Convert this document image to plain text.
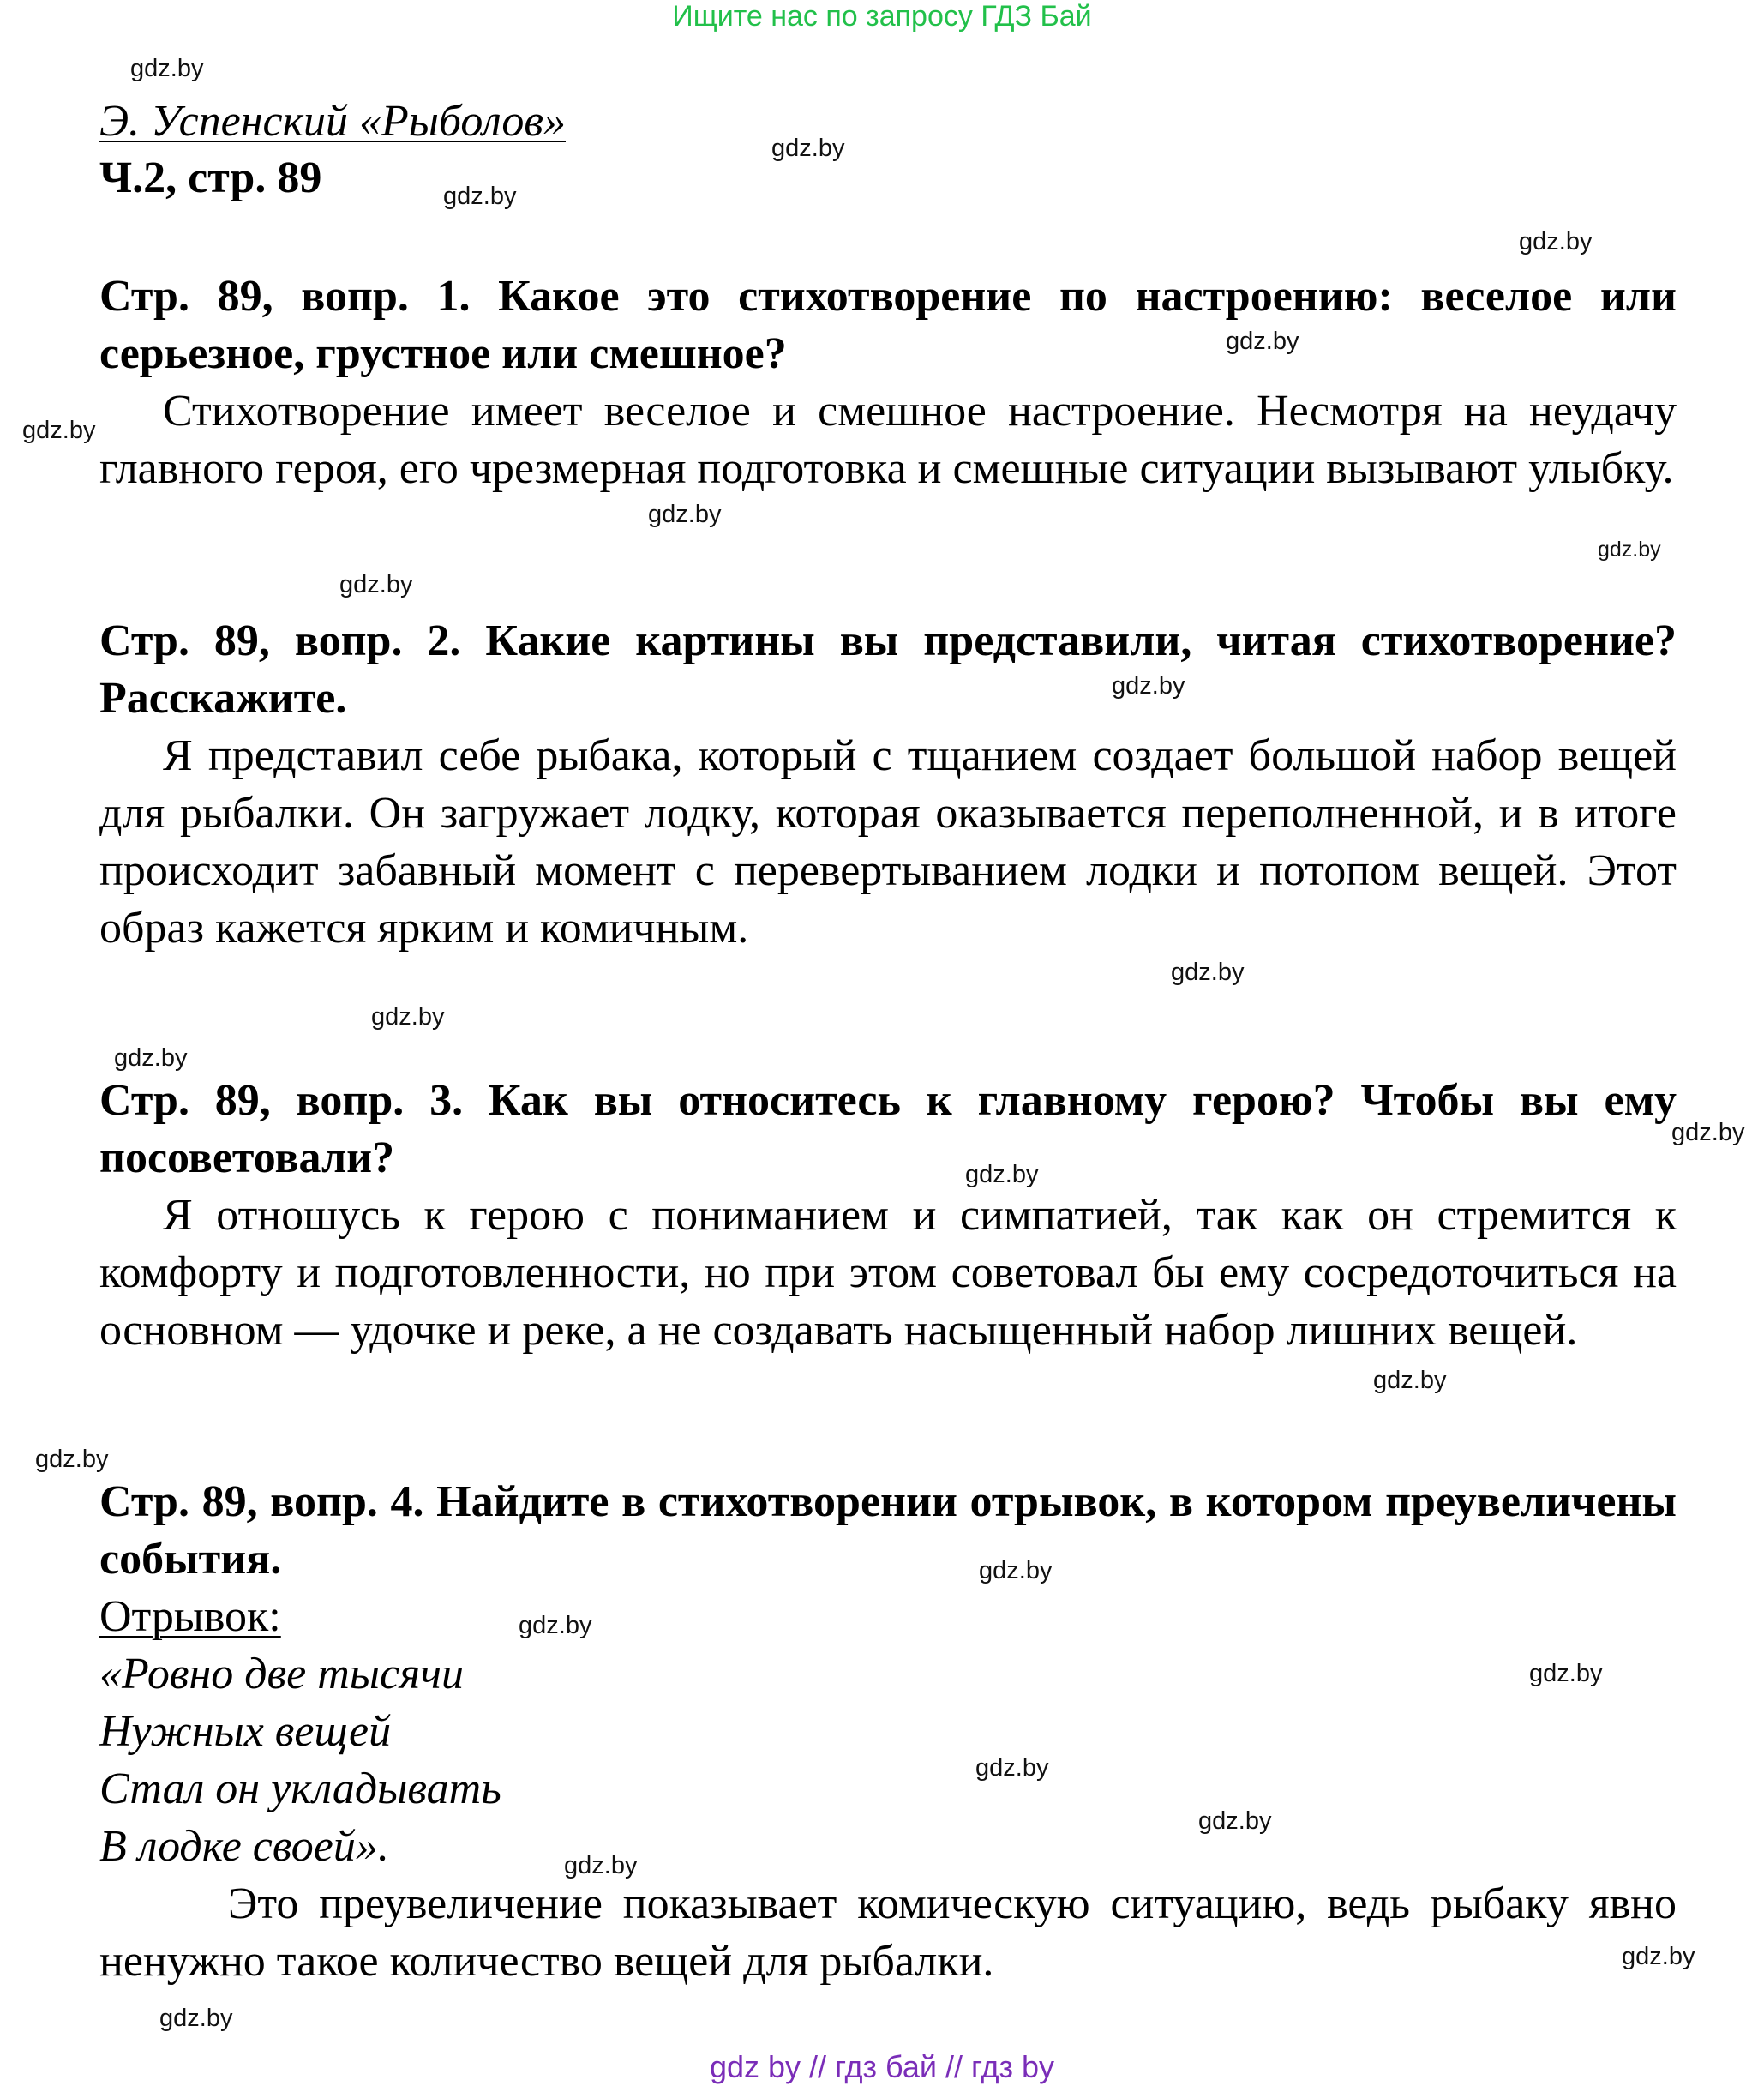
Ищите нас по запросу ГДЗ Бай
Э. Успенский «Рыболов»
Ч.2, стр. 89
Стр. 89, вопр. 1. Какое это стихотворение по настроению: веселое или серьезное, грустное или смешное?
Стихотворение имеет веселое и смешное настроение. Несмотря на неудачу главного героя, его чрезмерная подготовка и смешные ситуации вызывают улыбку.
Стр. 89, вопр. 2. Какие картины вы представили, читая стихотворение? Расскажите.
Я представил себе рыбака, который с тщанием создает большой набор вещей для рыбалки. Он загружает лодку, которая оказывается переполненной, и в итоге происходит забавный момент с перевертыванием лодки и потопом вещей. Этот образ кажется ярким и комичным.
Стр. 89, вопр. 3. Как вы относитесь к главному герою? Чтобы вы ему посоветовали?
Я отношусь к герою с пониманием и симпатией, так как он стремится к комфорту и подготовленности, но при этом советовал бы ему сосредоточиться на основном — удочке и реке, а не создавать насыщенный набор лишних вещей.
Стр. 89, вопр. 4. Найдите в стихотворении отрывок, в котором преувеличены события.
Отрывок:
«Ровно две тысячи
Нужных вещей
Стал он укладывать
В лодке своей».
Это преувеличение показывает комическую ситуацию, ведь рыбаку явно ненужно такое количество вещей для рыбалки.
gdz.by
gdz.by
gdz.by
gdz.by
gdz.by
gdz.by
gdz.by
gdz.by
gdz.by
gdz.by
gdz.by
gdz.by
gdz.by
gdz.by
gdz.by
gdz.by
gdz.by
gdz.by
gdz.by
gdz.by
gdz.by
gdz.by
gdz.by
gdz.by
gdz.by
gdz by // гдз бай // гдз by
